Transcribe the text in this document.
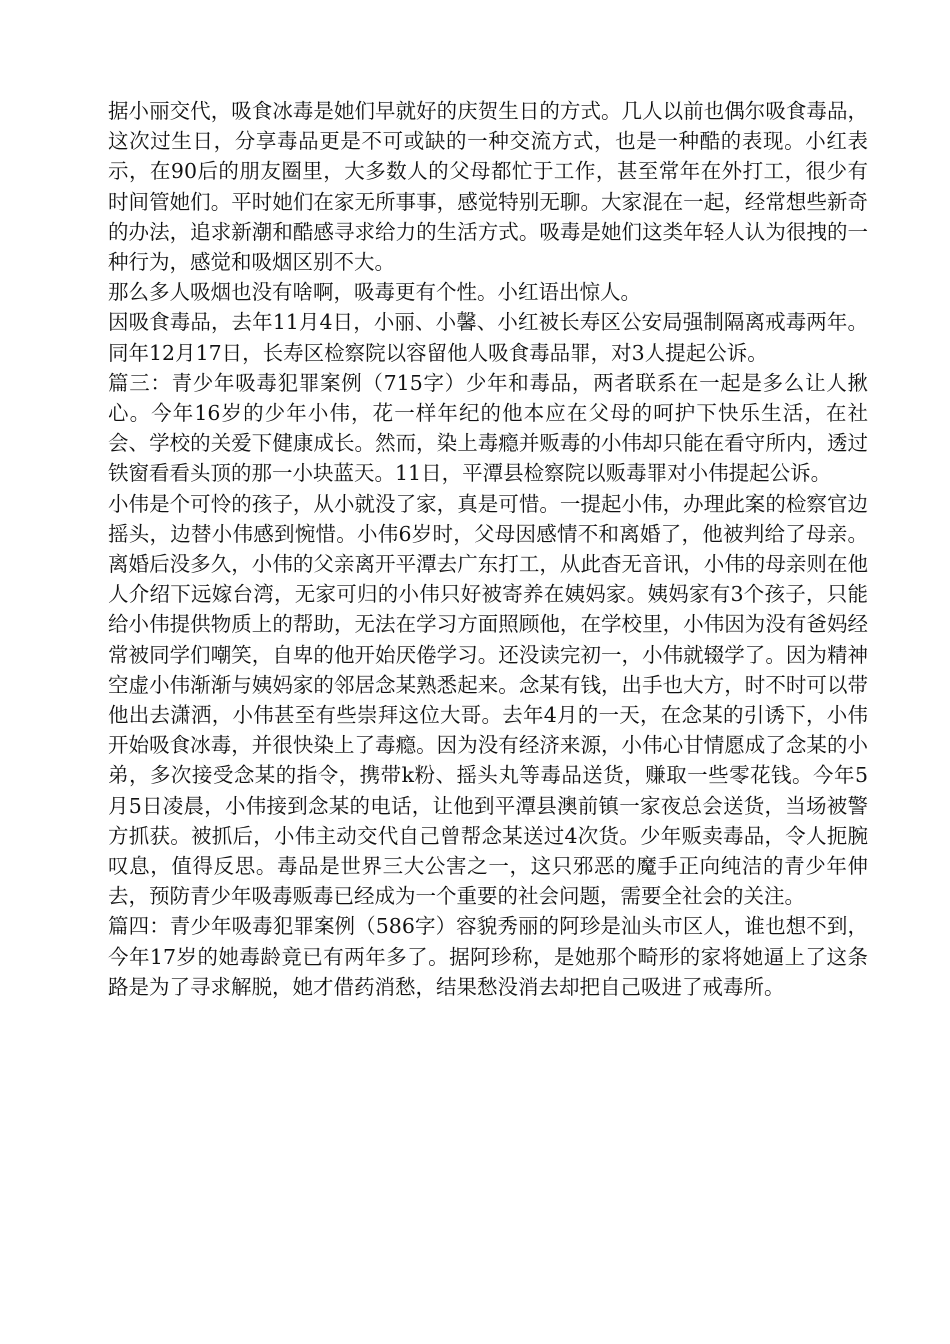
据小丽交代，吸食冰毒是她们早就好的庆贺生日的方式。几人以前也偶尔吸食毒品，这次过生日，分享毒品更是不可或缺的一种交流方式，也是一种酷的表现。小红表示，在90后的朋友圈里，大多数人的父母都忙于工作，甚至常年在外打工，很少有时间管她们。平时她们在家无所事事，感觉特别无聊。大家混在一起，经常想些新奇的办法，追求新潮和酷感寻求给力的生活方式。吸毒是她们这类年轻人认为很拽的一种行为，感觉和吸烟区别不大。

那么多人吸烟也没有啥啊，吸毒更有个性。小红语出惊人。

因吸食毒品，去年11月4日，小丽、小馨、小红被长寿区公安局强制隔离戒毒两年。同年12月17日，长寿区检察院以容留他人吸食毒品罪，对3人提起公诉。

篇三：青少年吸毒犯罪案例（715字）少年和毒品，两者联系在一起是多么让人揪心。今年16岁的少年小伟，花一样年纪的他本应在父母的呵护下快乐生活，在社会、学校的关爱下健康成长。然而，染上毒瘾并贩毒的小伟却只能在看守所内，透过铁窗看看头顶的那一小块蓝天。11日，平潭县检察院以贩毒罪对小伟提起公诉。

小伟是个可怜的孩子，从小就没了家，真是可惜。一提起小伟，办理此案的检察官边摇头，边替小伟感到惋惜。小伟6岁时，父母因感情不和离婚了，他被判给了母亲。离婚后没多久，小伟的父亲离开平潭去广东打工，从此杳无音讯，小伟的母亲则在他人介绍下远嫁台湾，无家可归的小伟只好被寄养在姨妈家。姨妈家有3个孩子，只能给小伟提供物质上的帮助，无法在学习方面照顾他，在学校里，小伟因为没有爸妈经常被同学们嘲笑，自卑的他开始厌倦学习。还没读完初一，小伟就辍学了。因为精神空虚小伟渐渐与姨妈家的邻居念某熟悉起来。念某有钱，出手也大方，时不时可以带他出去潇洒，小伟甚至有些崇拜这位大哥。去年4月的一天，在念某的引诱下，小伟开始吸食冰毒，并很快染上了毒瘾。因为没有经济来源，小伟心甘情愿成了念某的小弟，多次接受念某的指令，携带k粉、摇头丸等毒品送货，赚取一些零花钱。今年5月5日凌晨，小伟接到念某的电话，让他到平潭县澳前镇一家夜总会送货，当场被警方抓获。被抓后，小伟主动交代自己曾帮念某送过4次货。少年贩卖毒品，令人扼腕叹息，值得反思。毒品是世界三大公害之一，这只邪恶的魔手正向纯洁的青少年伸去，预防青少年吸毒贩毒已经成为一个重要的社会问题，需要全社会的关注。

篇四：青少年吸毒犯罪案例（586字）容貌秀丽的阿珍是汕头市区人，谁也想不到，今年17岁的她毒龄竟已有两年多了。据阿珍称，是她那个畸形的家将她逼上了这条路是为了寻求解脱，她才借药消愁，结果愁没消去却把自己吸进了戒毒所。
